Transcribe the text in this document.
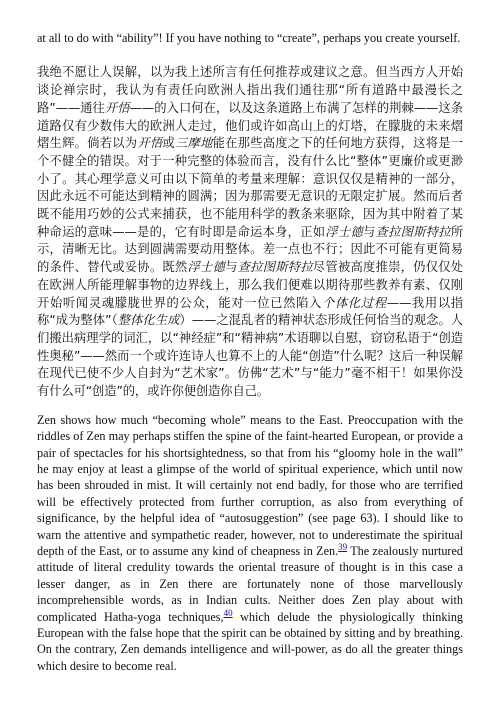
at all to do with “ability”! If you have nothing to “create”, perhaps you create yourself.

我绝不愿让人误解，以为我上述所言有任何推荐或建议之意。但当西方人开始谈论禅宗时，我认为有责任向欧洲人指出我们通往那“所有道路中最漫长之路”——通往开悟——的入口何在，以及这条道路上布满了怎样的荆棘——这条道路仅有少数伟大的欧洲人走过，他们或许如高山上的灯塔，在朦胧的未来熠熠生辉。倘若以为开悟或三摩地能在那些高度之下的任何地方获得，这将是一个不健全的错误。对于一种完整的体验而言，没有什么比“整体”更廉价或更渺小了。其心理学意义可由以下简单的考量来理解：意识仅仅是精神的一部分，因此永远不可能达到精神的圆满；因为那需要无意识的无限定扩展。然而后者既不能用巧妙的公式来捕获，也不能用科学的教条来驱除，因为其中附着了某种命运的意味——是的，它有时即是命运本身，正如浮士德与查拉图斯特拉所示，清晰无比。达到圆满需要动用整体。差一点也不行；因此不可能有更简易的条件、替代或妥协。既然浮士德与查拉图斯特拉尽管被高度推崇，仍仅仅处在欧洲人所能理解事物的边界线上，那么我们便难以期待那些教养有素、仅刚开始听闻灵魂朦胧世界的公众，能对一位已然陷入个体化过程——我用以指称“成为整体”（整体化生成）——之混乱者的精神状态形成任何恰当的观念。人们搬出病理学的词汇，以“神经症”和“精神病”术语聊以自慰，窃窃私语于“创造性奥秘”——然而一个或许连诗人也算不上的人能“创造”什么呢？这后一种误解在现代已使不少人自封为“艺术家”。仿佛“艺术”与“能力”毫不相干！如果你没有什么可“创造”的，或许你便创造你自己。

Zen shows how much “becoming whole” means to the East. Preoccupation with the riddles of Zen may perhaps stiffen the spine of the faint-hearted European, or provide a pair of spectacles for his shortsightedness, so that from his “gloomy hole in the wall” he may enjoy at least a glimpse of the world of spiritual experience, which until now has been shrouded in mist. It will certainly not end badly, for those who are terrified will be effectively protected from further corruption, as also from everything of significance, by the helpful idea of “autosuggestion” (see page 63). I should like to warn the attentive and sympathetic reader, however, not to underestimate the spiritual depth of the East, or to assume any kind of cheapness in Zen.$^{39}$ The zealously nurtured attitude of literal credulity towards the oriental treasure of thought is in this case a lesser danger, as in Zen there are fortunately none of those marvellously incomprehensible words, as in Indian cults. Neither does Zen play about with complicated Hatha-yoga techniques,$^{40}$ which delude the physiologically thinking European with the false hope that the spirit can be obtained by sitting and by breathing. On the contrary, Zen demands intelligence and will-power, as do all the greater things which desire to become real.
